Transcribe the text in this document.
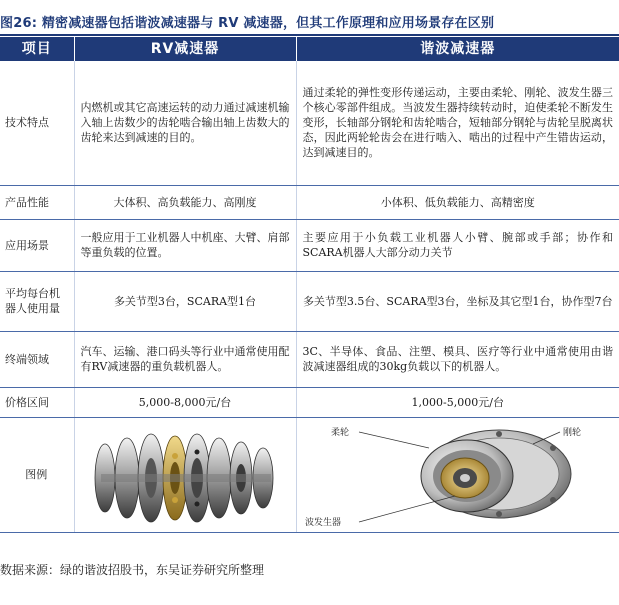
图26: 精密减速器包括谐波减速器与 RV 减速器，但其工作原理和应用场景存在区别
项目	RV减速器	谐波减速器
技术特点	内燃机或其它高速运转的动力通过减速机输入轴上齿数少的齿轮啮合输出轴上齿数大的齿轮来达到减速的目的。	通过柔轮的弹性变形传递运动，主要由柔轮、刚轮、波发生器三个核心零部件组成。当波发生器持续转动时，迫使柔轮不断发生变形，长轴部分钢轮和齿轮啮合，短轴部分钢轮与齿轮呈脱离状态，因此两轮轮齿会在进行啮入、啮出的过程中产生错齿运动，达到减速目的。
产品性能	大体积、高负载能力、高刚度	小体积、低负载能力、高精密度
应用场景	一般应用于工业机器人中机座、大臂、肩部等重负载的位置。	主要应用于小负载工业机器人小臂、腕部或手部；协作和SCARA机器人大部分动力关节
平均每台机器人使用量	多关节型3台，SCARA型1台	多关节型3.5台、SCARA型3台，坐标及其它型1台，协作型7台
终端领域	汽车、运输、港口码头等行业中通常使用配有RV减速器的重负载机器人。	3C、半导体、食品、注塑、模具、医疗等行业中通常使用由谐波减速器组成的30kg负载以下的机器人。
价格区间	5,000-8,000元/台	1,000-5,000元/台
图例		柔轮 刚轮
波发生器
数据来源：绿的谐波招股书，东吴证券研究所整理
